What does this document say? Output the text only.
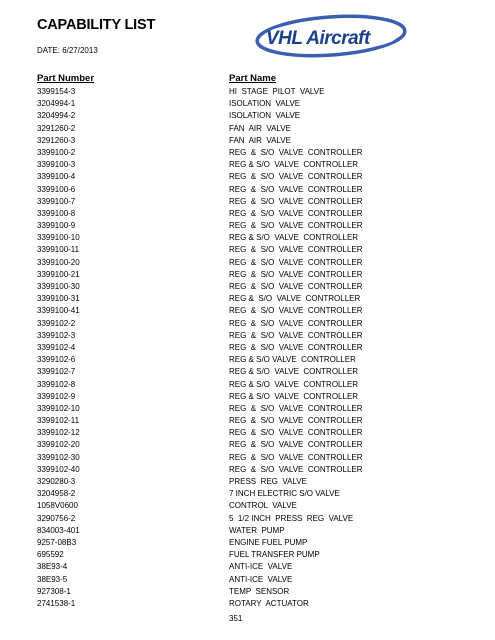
CAPABILITY LIST
DATE: 6/27/2013
VHL Aircraft
Part Number	Part Name
3399154-3	HI  STAGE  PILOT  VALVE
3204994-1	ISOLATION  VALVE
3204994-2	ISOLATION  VALVE
3291260-2	FAN  AIR  VALVE
3291260-3	FAN  AIR  VALVE
3399100-2	REG  &  S/O  VALVE  CONTROLLER
3399100-3	REG & S/O  VALVE  CONTROLLER
3399100-4	REG  &  S/O  VALVE  CONTROLLER
3399100-6	REG  &  S/O  VALVE  CONTROLLER
3399100-7	REG  &  S/O  VALVE  CONTROLLER
3399100-8	REG  &  S/O  VALVE  CONTROLLER
3399100-9	REG  &  S/O  VALVE  CONTROLLER
3399100-10	REG & S/O  VALVE  CONTROLLER
3399100-11	REG  &  S/O  VALVE  CONTROLLER
3399100-20	REG  &  S/O  VALVE  CONTROLLER
3399100-21	REG  &  S/O  VALVE  CONTROLLER
3399100-30	REG  &  S/O  VALVE  CONTROLLER
3399100-31	REG &  S/O  VALVE  CONTROLLER
3399100-41	REG  &  S/O  VALVE  CONTROLLER
3399102-2	REG  &  S/O  VALVE  CONTROLLER
3399102-3	REG  &  S/O  VALVE  CONTROLLER
3399102-4	REG  &  S/O  VALVE  CONTROLLER
3399102-6	REG & S/O VALVE  CONTROLLER
3399102-7	REG & S/O  VALVE  CONTROLLER
3399102-8	REG & S/O  VALVE  CONTROLLER
3399102-9	REG & S/O  VALVE  CONTROLLER
3399102-10	REG  &  S/O  VALVE  CONTROLLER
3399102-11	REG  &  S/O  VALVE  CONTROLLER
3399102-12	REG  &  S/O  VALVE  CONTROLLER
3399102-20	REG  &  S/O  VALVE  CONTROLLER
3399102-30	REG  &  S/O  VALVE  CONTROLLER
3399102-40	REG  &  S/O  VALVE  CONTROLLER
3290280-3	PRESS  REG  VALVE
3204958-2	7 INCH ELECTRIC S/O VALVE
1058V0600	CONTROL  VALVE
3290756-2	5  1/2 INCH  PRESS  REG  VALVE
834003-401	WATER  PUMP
9257-08B3	ENGINE FUEL PUMP
695592	FUEL TRANSFER PUMP
38E93-4	ANTI-ICE  VALVE
38E93-5	ANTI-ICE  VALVE
927308-1	TEMP  SENSOR
2741538-1	ROTARY  ACTUATOR
351
